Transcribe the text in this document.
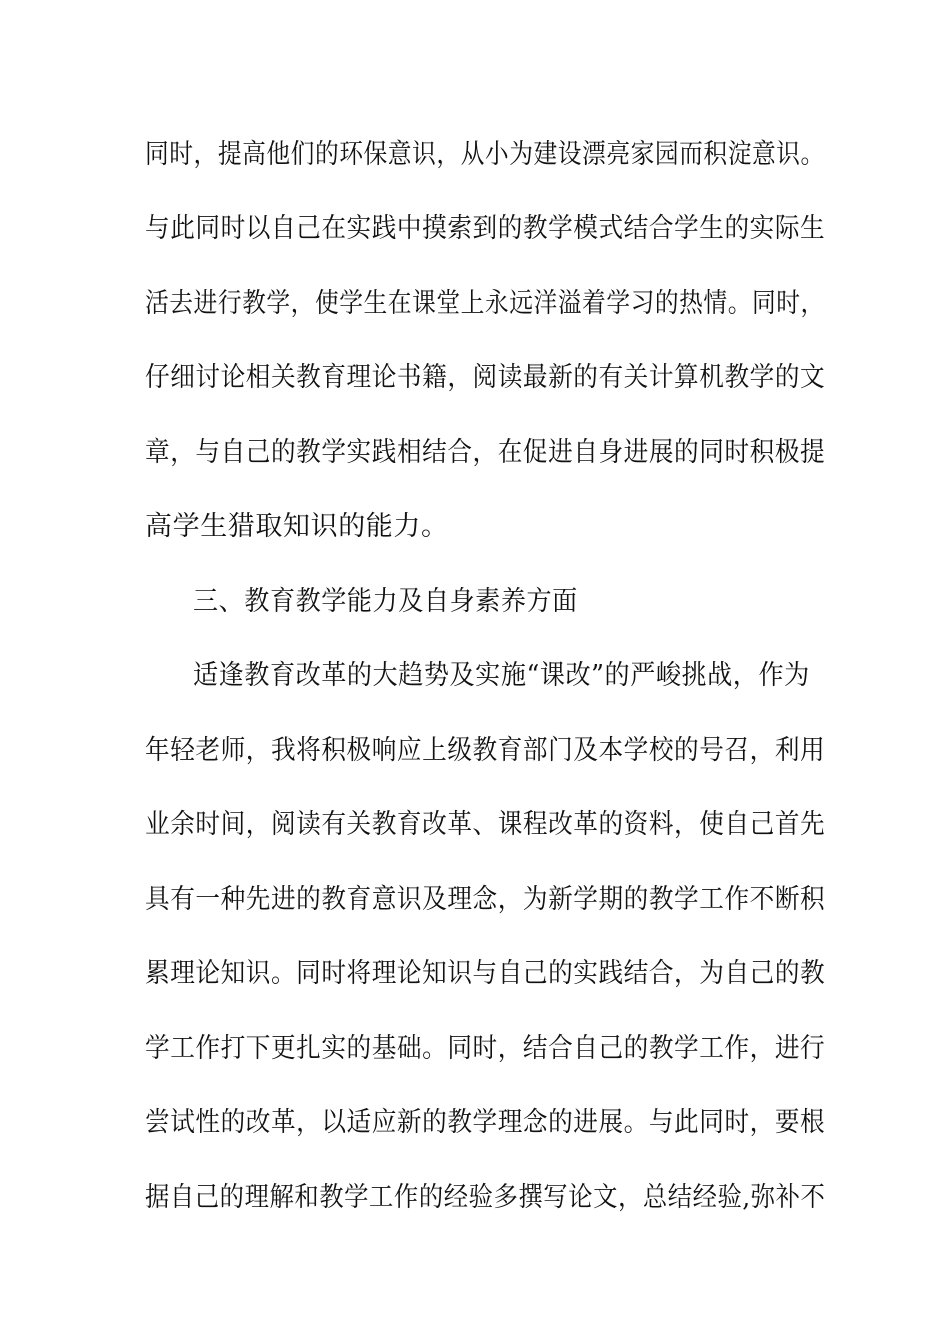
同时，提高他们的环保意识，从小为建设漂亮家园而积淀意识。
与此同时以自己在实践中摸索到的教学模式结合学生的实际生
活去进行教学，使学生在课堂上永远洋溢着学习的热情。同时，
仔细讨论相关教育理论书籍，阅读最新的有关计算机教学的文
章，与自己的教学实践相结合，在促进自身进展的同时积极提
高学生猎取知识的能力。
三、教育教学能力及自身素养方面
适逢教育改革的大趋势及实施“课改”的严峻挑战，作为
年轻老师，我将积极响应上级教育部门及本学校的号召，利用
业余时间，阅读有关教育改革、课程改革的资料，使自己首先
具有一种先进的教育意识及理念，为新学期的教学工作不断积
累理论知识。同时将理论知识与自己的实践结合，为自己的教
学工作打下更扎实的基础。同时，结合自己的教学工作，进行
尝试性的改革，以适应新的教学理念的进展。与此同时，要根
据自己的理解和教学工作的经验多撰写论文，总结经验,弥补不
